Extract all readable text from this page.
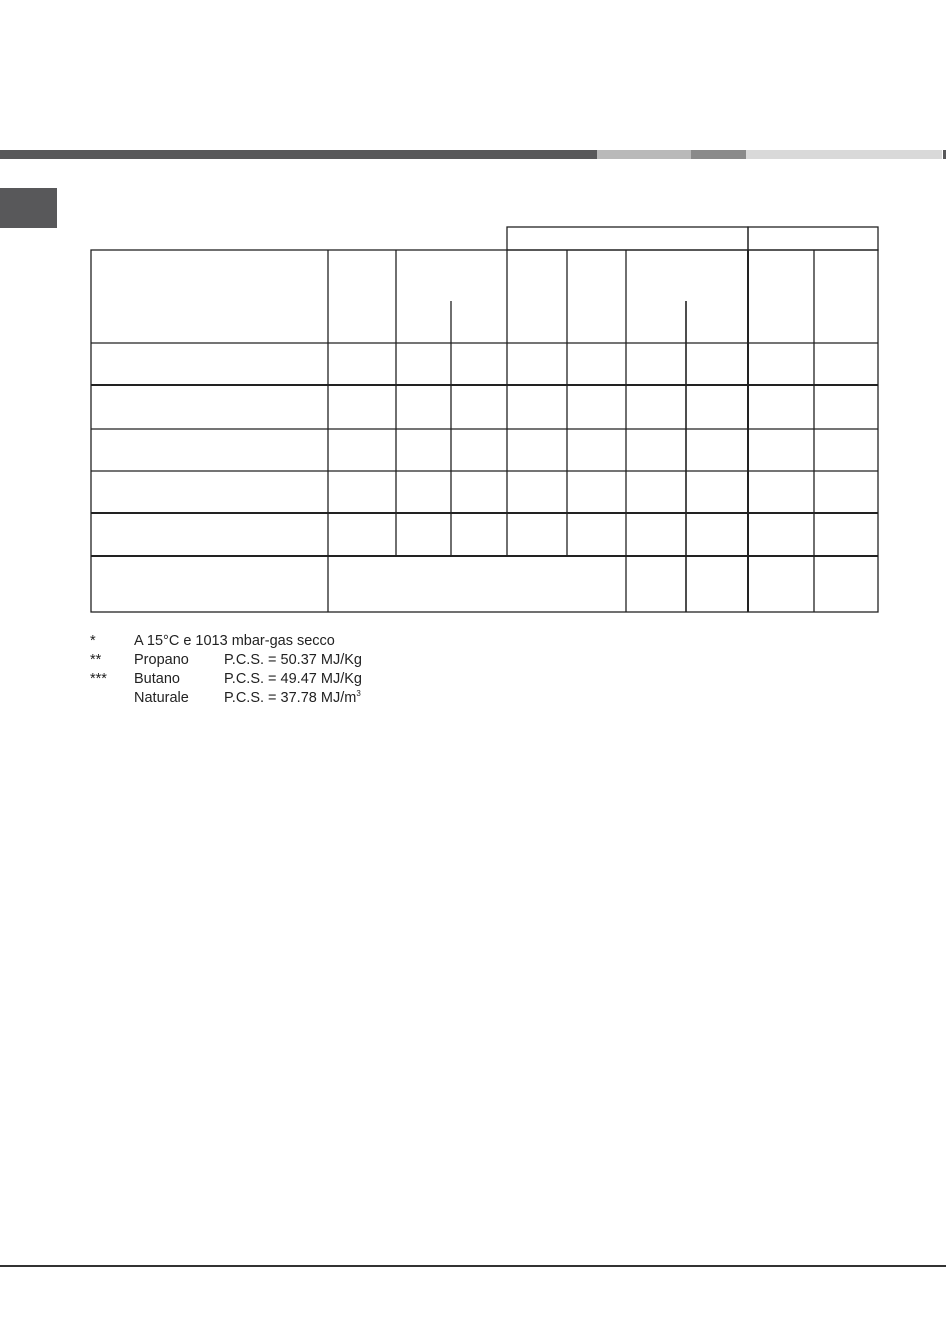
*	A 15°C e 1013 mbar-gas secco
** Propano P.C.S. = 50.37 MJ/Kg
*** Butano	P.C.S. = 49.47 MJ/Kg
Naturale P.C.S. = 37.78 $MJ/m^3$
